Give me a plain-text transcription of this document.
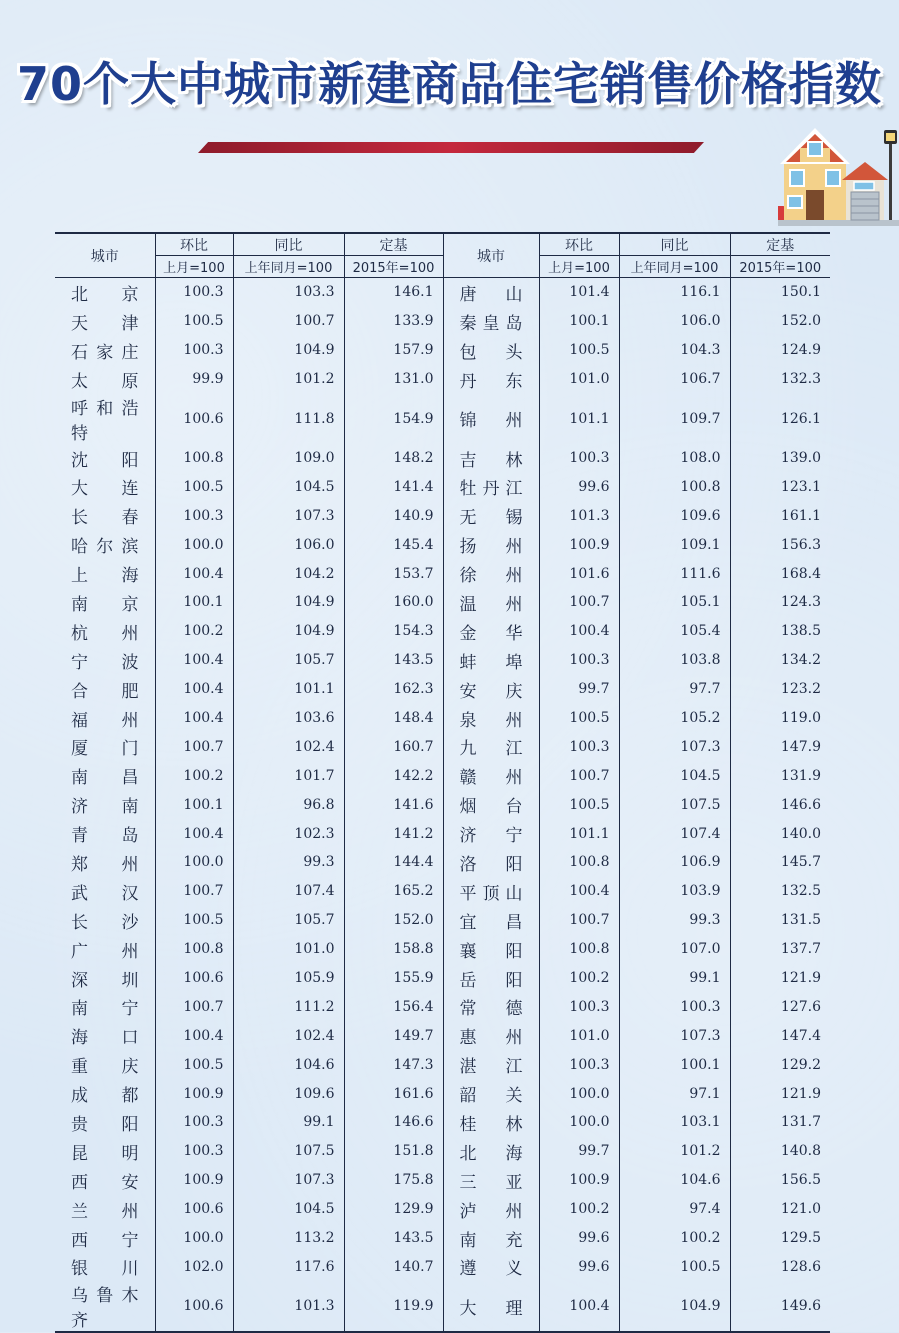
70个大中城市新建商品住宅销售价格指数
城市	环比	同比	定基	城市	环比	同比	定基
	上月=100	上年同月=100	2015年=100		上月=100	上年同月=100	2015年=100
北京	100.3	103.3	146.1	唐山	101.4	116.1	150.1
天津	100.5	100.7	133.9	秦皇岛	100.1	106.0	152.0
石家庄	100.3	104.9	157.9	包头	100.5	104.3	124.9
太原	99.9	101.2	131.0	丹东	101.0	106.7	132.3
呼和浩特	100.6	111.8	154.9	锦州	101.1	109.7	126.1
沈阳	100.8	109.0	148.2	吉林	100.3	108.0	139.0
大连	100.5	104.5	141.4	牡丹江	99.6	100.8	123.1
长春	100.3	107.3	140.9	无锡	101.3	109.6	161.1
哈尔滨	100.0	106.0	145.4	扬州	100.9	109.1	156.3
上海	100.4	104.2	153.7	徐州	101.6	111.6	168.4
南京	100.1	104.9	160.0	温州	100.7	105.1	124.3
杭州	100.2	104.9	154.3	金华	100.4	105.4	138.5
宁波	100.4	105.7	143.5	蚌埠	100.3	103.8	134.2
合肥	100.4	101.1	162.3	安庆	99.7	97.7	123.2
福州	100.4	103.6	148.4	泉州	100.5	105.2	119.0
厦门	100.7	102.4	160.7	九江	100.3	107.3	147.9
南昌	100.2	101.7	142.2	赣州	100.7	104.5	131.9
济南	100.1	96.8	141.6	烟台	100.5	107.5	146.6
青岛	100.4	102.3	141.2	济宁	101.1	107.4	140.0
郑州	100.0	99.3	144.4	洛阳	100.8	106.9	145.7
武汉	100.7	107.4	165.2	平顶山	100.4	103.9	132.5
长沙	100.5	105.7	152.0	宜昌	100.7	99.3	131.5
广州	100.8	101.0	158.8	襄阳	100.8	107.0	137.7
深圳	100.6	105.9	155.9	岳阳	100.2	99.1	121.9
南宁	100.7	111.2	156.4	常德	100.3	100.3	127.6
海口	100.4	102.4	149.7	惠州	101.0	107.3	147.4
重庆	100.5	104.6	147.3	湛江	100.3	100.1	129.2
成都	100.9	109.6	161.6	韶关	100.0	97.1	121.9
贵阳	100.3	99.1	146.6	桂林	100.0	103.1	131.7
昆明	100.3	107.5	151.8	北海	99.7	101.2	140.8
西安	100.9	107.3	175.8	三亚	100.9	104.6	156.5
兰州	100.6	104.5	129.9	泸州	100.2	97.4	121.0
西宁	100.0	113.2	143.5	南充	99.6	100.2	129.5
银川	102.0	117.6	140.7	遵义	99.6	100.5	128.6
乌鲁木齐	100.6	101.3	119.9	大理	100.4	104.9	149.6
